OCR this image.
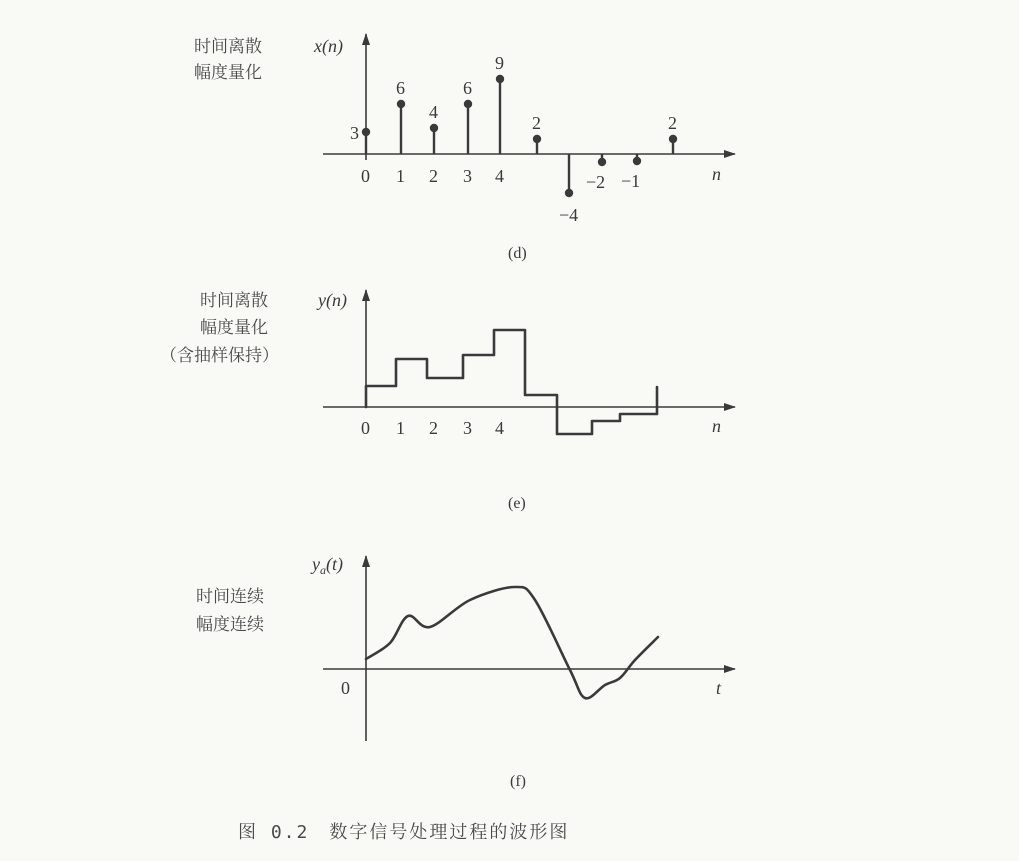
时间离散
幅度量化
x(n)
n
3
6
4
6
9
2
−4
−2 −1
2
0 1 2 3 4
(d)
时间离散
幅度量化
（含抽样保持）
y(n)
n
0 1 2 3 4
(e)
时间连续
幅度连续
$y_a(t)$
0	t
(f)
图 0.2　数字信号处理过程的波形图
